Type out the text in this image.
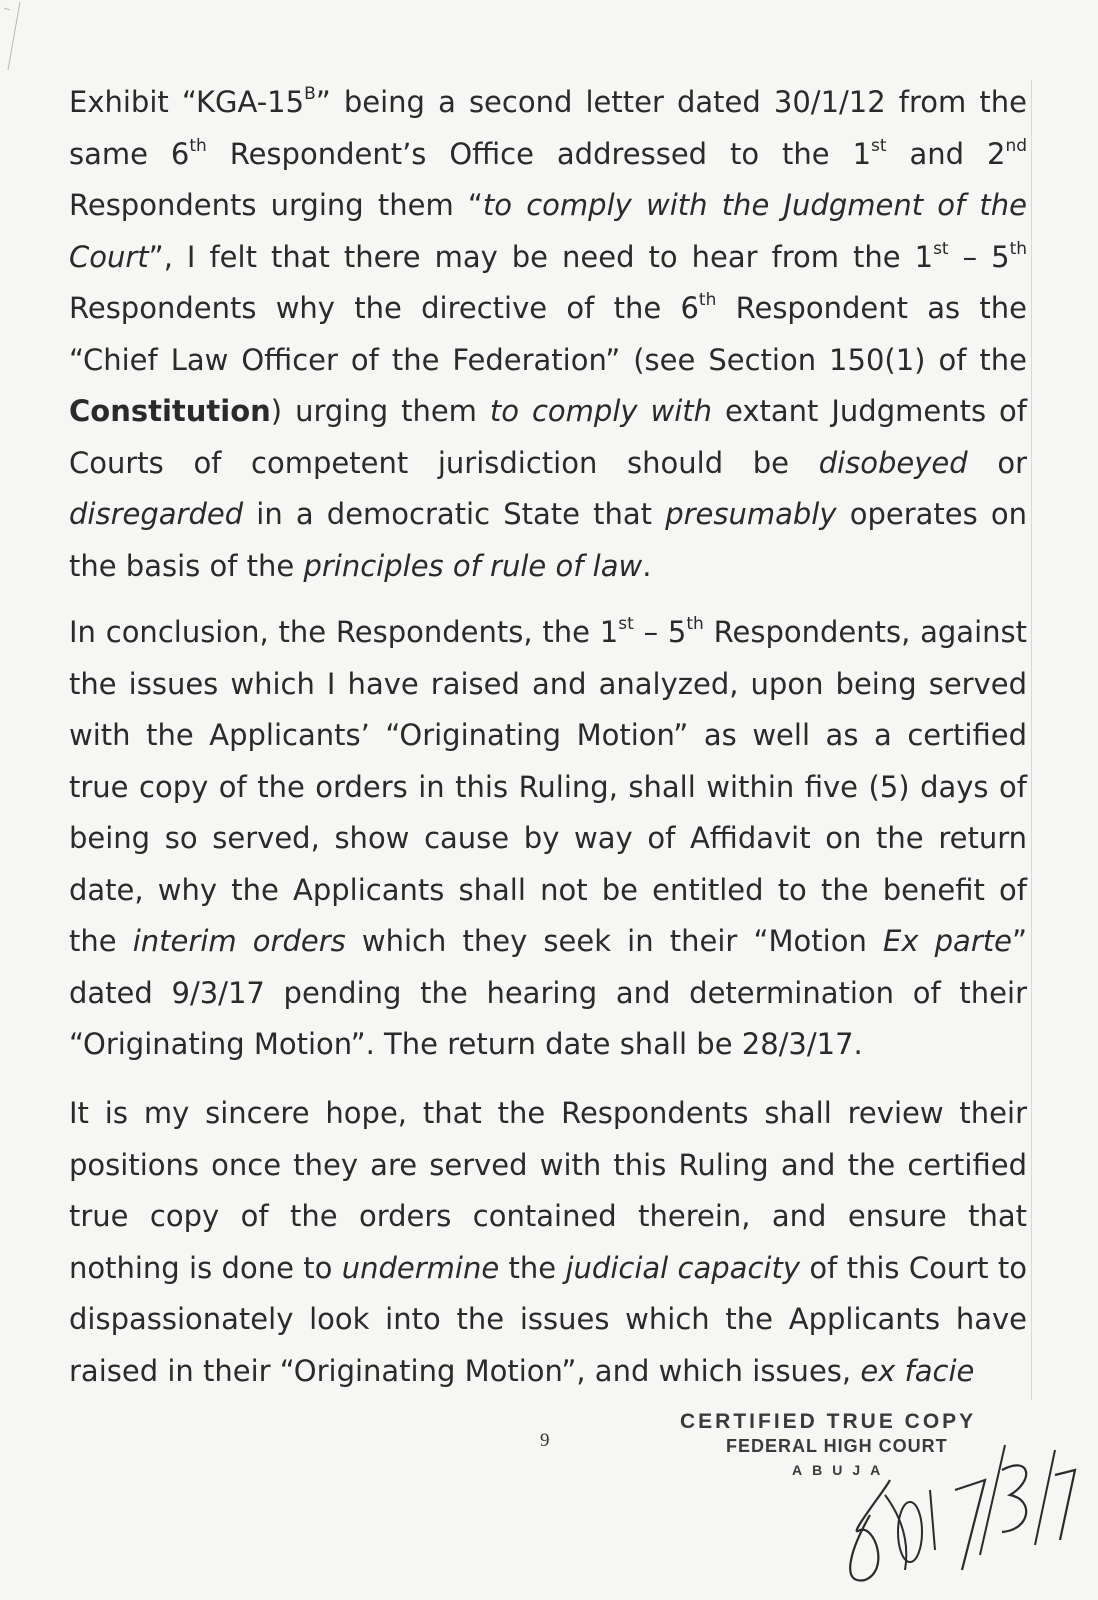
Exhibit “$KGA-15^B$” being a second letter dated 30/1/12 from the same 6th Respondent’s Office addressed to the 1st and 2nd Respondents urging them “to comply with the Judgment of the Court”, I felt that there may be need to hear from the 1st – 5th Respondents why the directive of the 6th Respondent as the “Chief Law Officer of the Federation” (see Section 150(1) of the Constitution) urging them to comply with extant Judgments of Courts of competent jurisdiction should be disobeyed or disregarded in a democratic State that presumably operates on the basis of the principles of rule of law.

In conclusion, the Respondents, the 1st – 5th Respondents, against the issues which I have raised and analyzed, upon being served with the Applicants’ “Originating Motion” as well as a certified true copy of the orders in this Ruling, shall within five (5) days of being so served, show cause by way of Affidavit on the return date, why the Applicants shall not be entitled to the benefit of the interim orders which they seek in their “Motion Ex parte” dated 9/3/17 pending the hearing and determination of their “Originating Motion”. The return date shall be 28/3/17.

It is my sincere hope, that the Respondents shall review their positions once they are served with this Ruling and the certified true copy of the orders contained therein, and ensure that nothing is done to undermine the judicial capacity of this Court to dispassionately look into the issues which the Applicants have raised in their “Originating Motion”, and which issues, ex facie

9
CERTIFIED TRUE COPY
FEDERAL HIGH COURT
ABUJA
